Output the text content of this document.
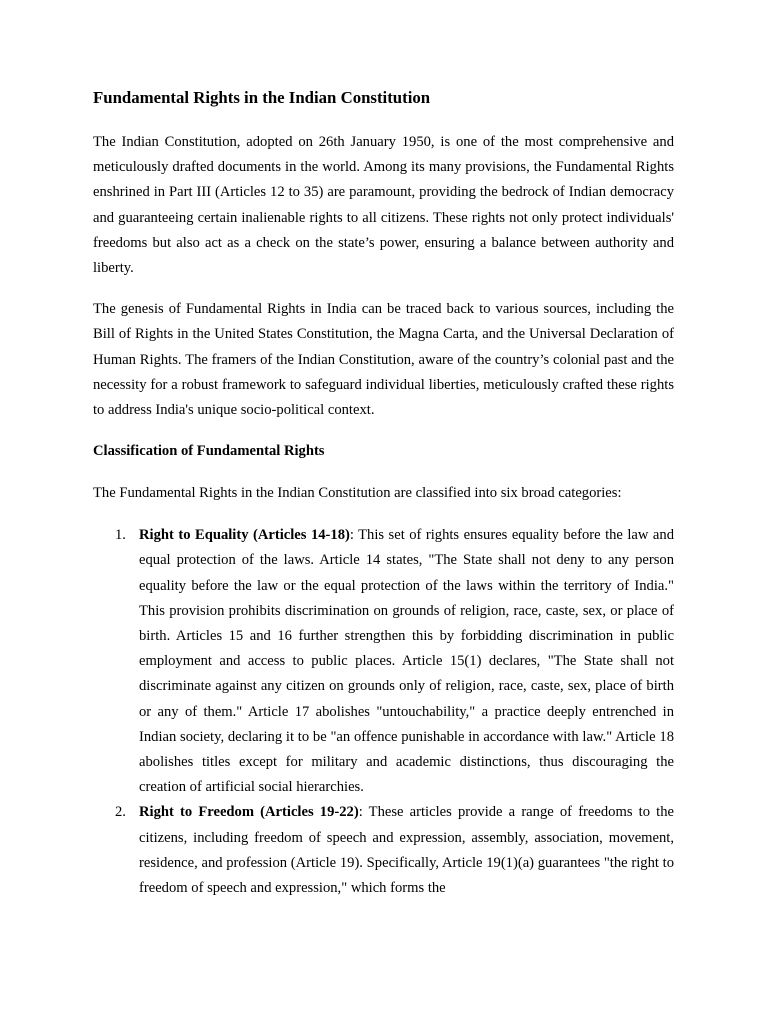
Fundamental Rights in the Indian Constitution

The Indian Constitution, adopted on 26th January 1950, is one of the most comprehensive and meticulously drafted documents in the world. Among its many provisions, the Fundamental Rights enshrined in Part III (Articles 12 to 35) are paramount, providing the bedrock of Indian democracy and guaranteeing certain inalienable rights to all citizens. These rights not only protect individuals' freedoms but also act as a check on the state’s power, ensuring a balance between authority and liberty.

The genesis of Fundamental Rights in India can be traced back to various sources, including the Bill of Rights in the United States Constitution, the Magna Carta, and the Universal Declaration of Human Rights. The framers of the Indian Constitution, aware of the country’s colonial past and the necessity for a robust framework to safeguard individual liberties, meticulously crafted these rights to address India's unique socio-political context.

Classification of Fundamental Rights
The Fundamental Rights in the Indian Constitution are classified into six broad categories:
1. Right to Equality (Articles 14-18): This set of rights ensures equality before the law and equal protection of the laws. Article 14 states, "The State shall not deny to any person equality before the law or the equal protection of the laws within the territory of India." This provision prohibits discrimination on grounds of religion, race, caste, sex, or place of birth. Articles 15 and 16 further strengthen this by forbidding discrimination in public employment and access to public places. Article 15(1) declares, "The State shall not discriminate against any citizen on grounds only of religion, race, caste, sex, place of birth or any of them." Article 17 abolishes "untouchability," a practice deeply entrenched in Indian society, declaring it to be "an offence punishable in accordance with law." Article 18 abolishes titles except for military and academic distinctions, thus discouraging the creation of artificial social hierarchies.
2. Right to Freedom (Articles 19-22): These articles provide a range of freedoms to the citizens, including freedom of speech and expression, assembly, association, movement, residence, and profession (Article 19). Specifically, Article 19(1)(a) guarantees "the right to freedom of speech and expression," which forms the
